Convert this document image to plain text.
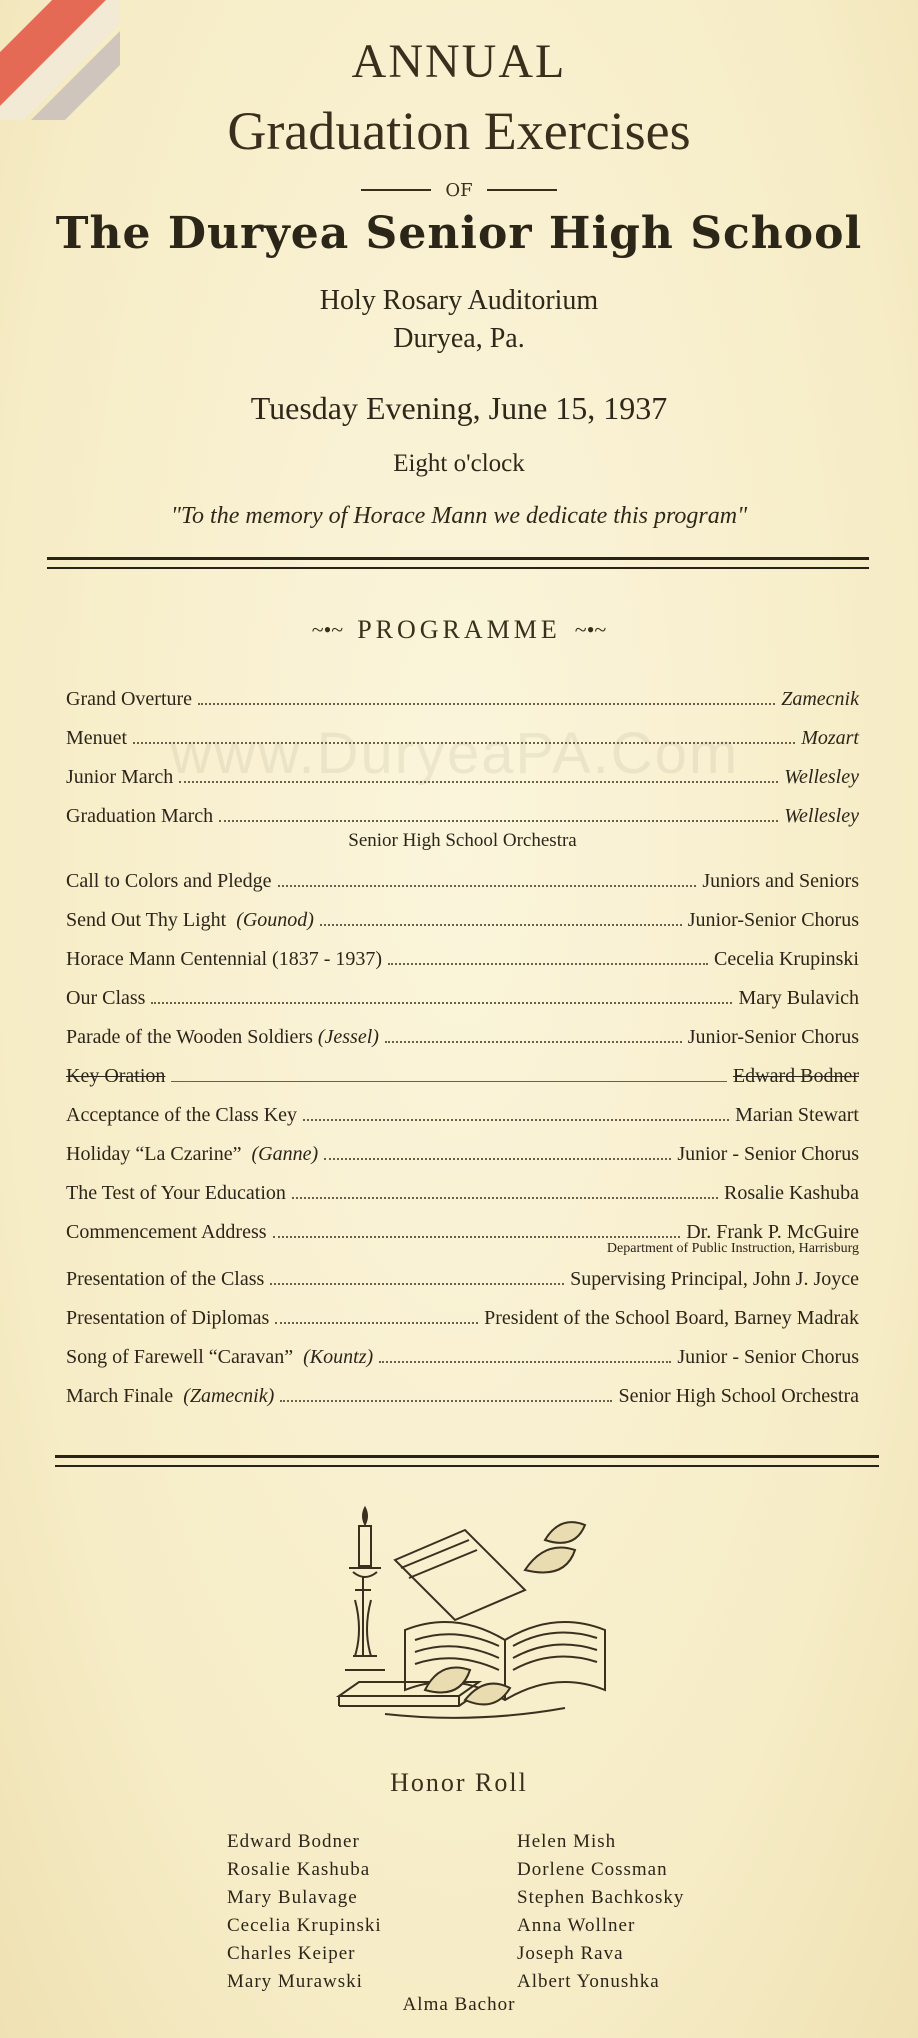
ANNUAL
Graduation Exercises
OF
The Duryea Senior High School
Holy Rosary Auditorium
Duryea, Pa.
Tuesday Evening, June 15, 1937
Eight o'clock
"To the memory of Horace Mann we dedicate this program"
~•~ PROGRAMME ~•~
www.DuryeaPA.Com
Grand Overture	Zamecnik
Menuet	Mozart
Junior March	Wellesley
Graduation March	Wellesley
Senior High School Orchestra
Call to Colors and Pledge	Juniors and Seniors
Send Out Thy Light (Gounod)	Junior-Senior Chorus
Horace Mann Centennial (1837 - 1937)	Cecelia Krupinski
Our Class	Mary Bulavich
Parade of the Wooden Soldiers (Jessel)	Junior-Senior Chorus
Key Oration	Edward Bodner
Acceptance of the Class Key	Marian Stewart
Holiday “La Czarine” (Ganne)	Junior - Senior Chorus
The Test of Your Education	Rosalie Kashuba
Commencement Address	Dr. Frank P. McGuire
Department of Public Instruction, Harrisburg
Presentation of the Class	Supervising Principal, John J. Joyce
Presentation of Diplomas	President of the School Board, Barney Madrak
Song of Farewell “Caravan” (Kountz)	Junior - Senior Chorus
March Finale (Zamecnik)	Senior High School Orchestra
Honor Roll
Edward Bodner
Rosalie Kashuba
Mary Bulavage
Cecelia Krupinski
Charles Keiper
Mary Murawski
Helen Mish
Dorlene Cossman
Stephen Bachkosky
Anna Wollner
Joseph Rava
Albert Yonushka
Alma Bachor
